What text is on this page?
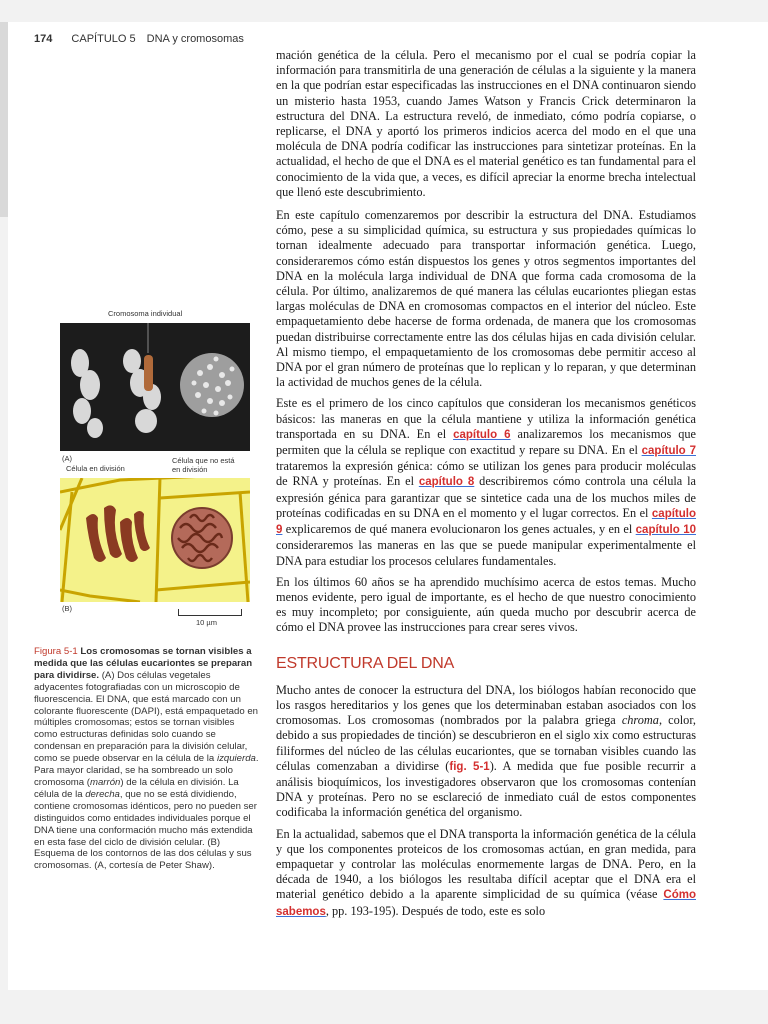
174 CAPÍTULO 5 DNA y cromosomas
Cromosoma individual
(A)
Célula en división
Célula que no está
en división
(B)
10 µm
Figura 5-1 Los cromosomas se tornan visibles a medida que las células eucariontes se preparan para dividirse. (A) Dos células vegetales adyacentes fotografiadas con un microscopio de fluorescencia. El DNA, que está marcado con un colorante fluorescente (DAPI), está empaquetado en múltiples cromosomas; estos se tornan visibles como estructuras definidas solo cuando se condensan en preparación para la división celular, como se puede observar en la célula de la izquierda. Para mayor claridad, se ha sombreado un solo cromosoma (marrón) de la célula en división. La célula de la derecha, que no se está dividiendo, contiene cromosomas idénticos, pero no pueden ser distinguidos como entidades individuales porque el DNA tiene una conformación mucho más extendida en esta fase del ciclo de división celular. (B) Esquema de los contornos de las dos células y sus cromosomas. (A, cortesía de Peter Shaw).

mación genética de la célula. Pero el mecanismo por el cual se podría copiar la información para transmitirla de una generación de células a la siguiente y la manera en la que podrían estar especificadas las instrucciones en el DNA continuaron siendo un misterio hasta 1953, cuando James Watson y Francis Crick determinaron la estructura del DNA. La estructura reveló, de inmediato, cómo podría copiarse, o replicarse, el DNA y aportó los primeros indicios acerca del modo en el que una molécula de DNA podría codificar las instrucciones para sintetizar proteínas. En la actualidad, el hecho de que el DNA es el material genético es tan fundamental para el conocimiento de la vida que, a veces, es difícil apreciar la enorme brecha intelectual que llenó este descubrimiento.

En este capítulo comenzaremos por describir la estructura del DNA. Estudiamos cómo, pese a su simplicidad química, su estructura y sus propiedades químicas lo tornan idealmente adecuado para transportar información genética. Luego, consideraremos cómo están dispuestos los genes y otros segmentos importantes del DNA en la molécula larga individual de DNA que forma cada cromosoma de la célula. Por último, analizaremos de qué manera las células eucariontes pliegan estas largas moléculas de DNA en cromosomas compactos en el interior del núcleo. Este empaquetamiento debe hacerse de forma ordenada, de manera que los cromosomas puedan distribuirse correctamente entre las dos células hijas en cada división celular. Al mismo tiempo, el empaquetamiento de los cromosomas debe permitir acceso al DNA por el gran número de proteínas que lo replican y lo reparan, y que determinan la actividad de muchos genes de la célula.

Este es el primero de los cinco capítulos que consideran los mecanismos genéticos básicos: las maneras en que la célula mantiene y utiliza la información genética transportada en su DNA. En el capítulo 6 analizaremos los mecanismos que permiten que la célula se replique con exactitud y repare su DNA. En el capítulo 7 trataremos la expresión génica: cómo se utilizan los genes para producir moléculas de RNA y proteínas. En el capítulo 8 describiremos cómo controla una célula la expresión génica para garantizar que se sintetice cada una de los muchos miles de proteínas codificadas en su DNA en el momento y el lugar correctos. En el capítulo 9 explicaremos de qué manera evolucionaron los genes actuales, y en el capítulo 10 consideraremos las maneras en las que se puede manipular experimentalmente el DNA para estudiar los procesos celulares fundamentales.

En los últimos 60 años se ha aprendido muchísimo acerca de estos temas. Mucho menos evidente, pero igual de importante, es el hecho de que nuestro conocimiento es muy incompleto; por consiguiente, aún queda mucho por descubrir acerca de cómo el DNA provee las instrucciones para crear seres vivos.

ESTRUCTURA DEL DNA

Mucho antes de conocer la estructura del DNA, los biólogos habían reconocido que los rasgos hereditarios y los genes que los determinaban estaban asociados con los cromosomas. Los cromosomas (nombrados por la palabra griega chroma, color, debido a sus propiedades de tinción) se descubrieron en el siglo xix como estructuras filiformes del núcleo de las células eucariontes, que se tornaban visibles cuando las células comenzaban a dividirse (fig. 5-1). A medida que fue posible recurrir a análisis bioquímicos, los investigadores observaron que los cromosomas contenían DNA y proteínas. Pero no se esclareció de inmediato cuál de estos componentes codificaba la información genética del organismo.

En la actualidad, sabemos que el DNA transporta la información genética de la célula y que los componentes proteicos de los cromosomas actúan, en gran medida, para empaquetar y controlar las moléculas enormemente largas de DNA. Pero, en la década de 1940, a los biólogos les resultaba difícil aceptar que el DNA era el material genético debido a la aparente simplicidad de su química (véase Cómo sabemos, pp. 193-195). Después de todo, este es solo
